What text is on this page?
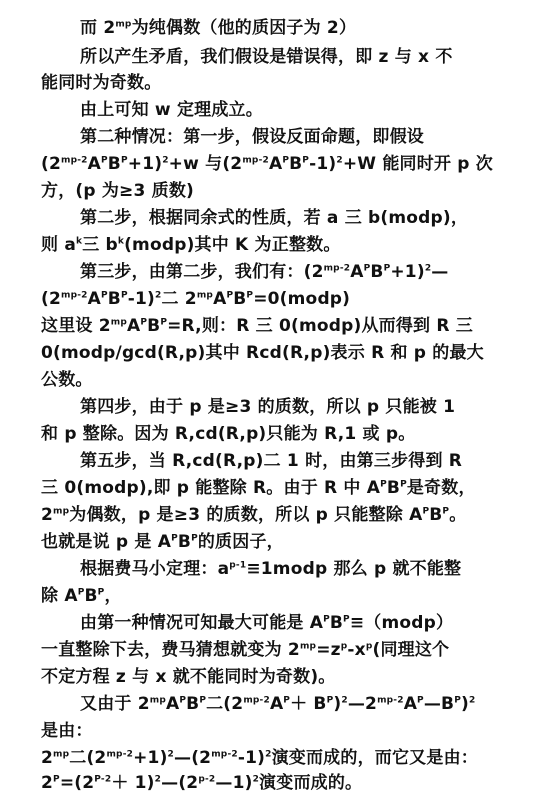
而 $2^{mp}$为纯偶数（他的质因子为 2）
所以产生矛盾，我们假设是错误得，即 z 与 x 不
能同时为奇数。
由上可知 w 定理成立。
第二种情况：第一步，假设反面命题，即假设
$(2^{mp-2}A^PB^P+1)^2+w$ 与$(2^{mp-2}A^PB^P-1)^2+W$ 能同时开 p 次
方，(p 为≥3 质数)
第二步，根据同余式的性质，若 a 三 b(modp)，
则 $a^k$三 $b^k(modp)$其中 K 为正整数。
第三步，由第二步，我们有：$(2^{mp-2}A^PB^P+1)^2—$
$(2^{mp-2}A^PB^P-1)^2$二 $2^{mp}A^PB^P=0(modp)$
这里设 $2^{mp}A^PB^P=R$,则：R 三 0(modp)从而得到 R 三
0(modp/gcd(R,p)其中 Rcd(R,p)表示 R 和 p 的最大
公数。
第四步，由于 p 是≥3 的质数，所以 p 只能被 1
和 p 整除。因为 R,cd(R,p)只能为 R,1 或 p。
第五步，当 R,cd(R,p)二 1 时，由第三步得到 R
三 0(modp),即 p 能整除 R。由于 R 中 $A^PB^P$是奇数，
$2^{mp}$为偶数，p 是≥3 的质数，所以 p 只能整除 $A^PB^P$。
也就是说 p 是 $A^PB^P$的质因子，
根据费马小定理：$a^{p-1}\equiv 1modp$ 那么 p 就不能整
除 $A^PB^P$，
由第一种情况可知最大可能是 $A^PB^P\equiv(modp)$
一直整除下去，费马猜想就变为 $2^{mp}=z^p-x^p$(同理这个
不定方程 z 与 x 就不能同时为奇数)。
又由于 $2^{mp}A^PB^P$二($2^{mp-2}A^P+$ $B^P)^2—2^{mp-2}A^P—B^P)^2$
是由：
$2^{mp}$二$(2^{mp-2}+1)^2—(2^{mp-2}-1)^2$演变而成的，而它又是由：
$2^P=(2^{P-2}+$ $1)^2—(2^{p-2}—1)^2$演变而成的。
